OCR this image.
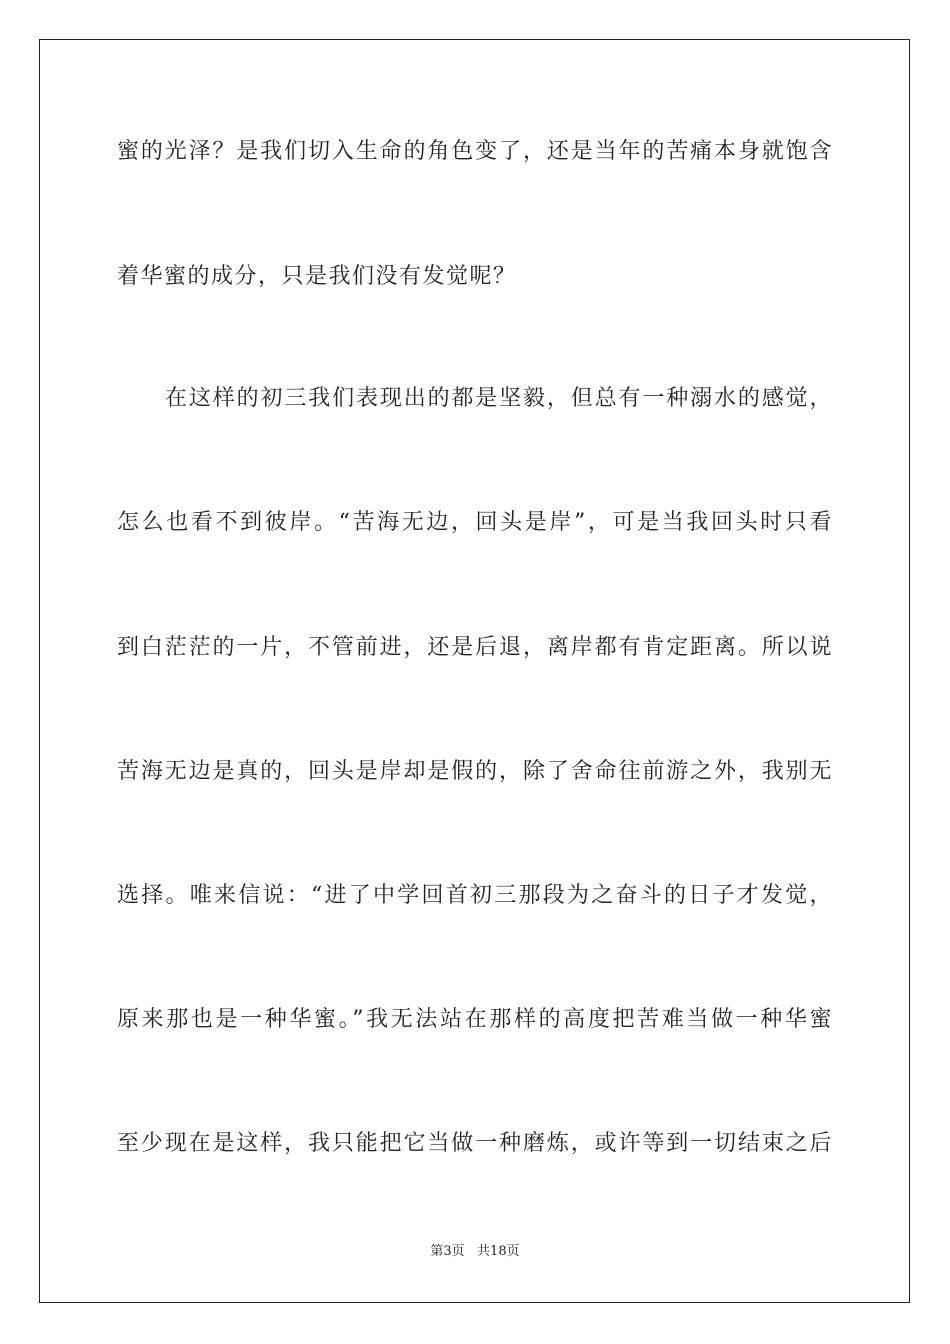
蜜的光泽？是我们切入生命的角色变了，还是当年的苦痛本身就饱含
着华蜜的成分，只是我们没有发觉呢？
在这样的初三我们表现出的都是坚毅，但总有一种溺水的感觉，
怎么也看不到彼岸。“苦海无边，回头是岸”，可是当我回头时只看
到白茫茫的一片，不管前进，还是后退，离岸都有肯定距离。所以说
苦海无边是真的，回头是岸却是假的，除了舍命往前游之外，我别无
选择。唯来信说：“进了中学回首初三那段为之奋斗的日子才发觉，
原来那也是一种华蜜。”我无法站在那样的高度把苦难当做一种华蜜
至少现在是这样，我只能把它当做一种磨炼，或许等到一切结束之后
第3页   共18页
